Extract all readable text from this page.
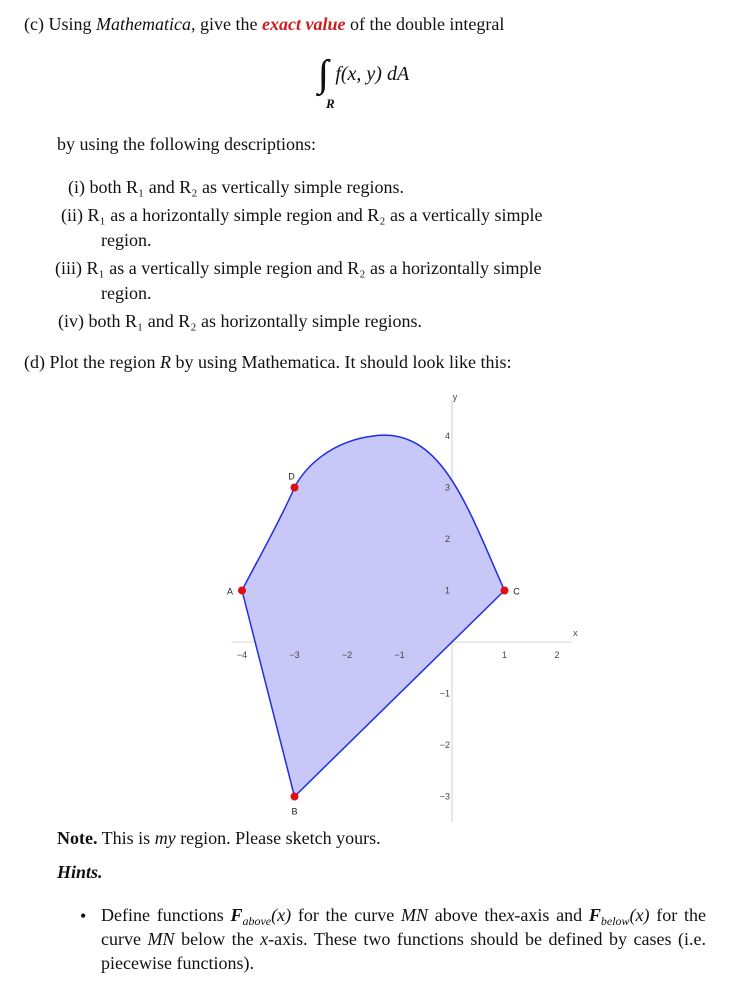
(c) Using Mathematica, give the exact value of the double integral
∫∫ f(x, y) dA
R
by using the following descriptions:
(i) both R₁ and R₂ as vertically simple regions.
(ii) R₁ as a horizontally simple region and R₂ as a vertically simple
region.
(iii) R₁ as a vertically simple region and R₂ as a horizontally simple
region.
(iv) both R₁ and R₂ as horizontally simple regions.
(d) Plot the region R by using Mathematica. It should look like this:
−4	−3	−2	−1	1	2
4
3
2
1
−1
−2
−3
x
y
A
B
C
D
Note. This is my region. Please sketch yours.
Hints.
• Define functions $F_{above}(x)$ for the curve MN above thex-axis and $F_{below}(x)$ for the curve MN below the x-axis. These two functions should be defined by cases (i.e. piecewise functions).
